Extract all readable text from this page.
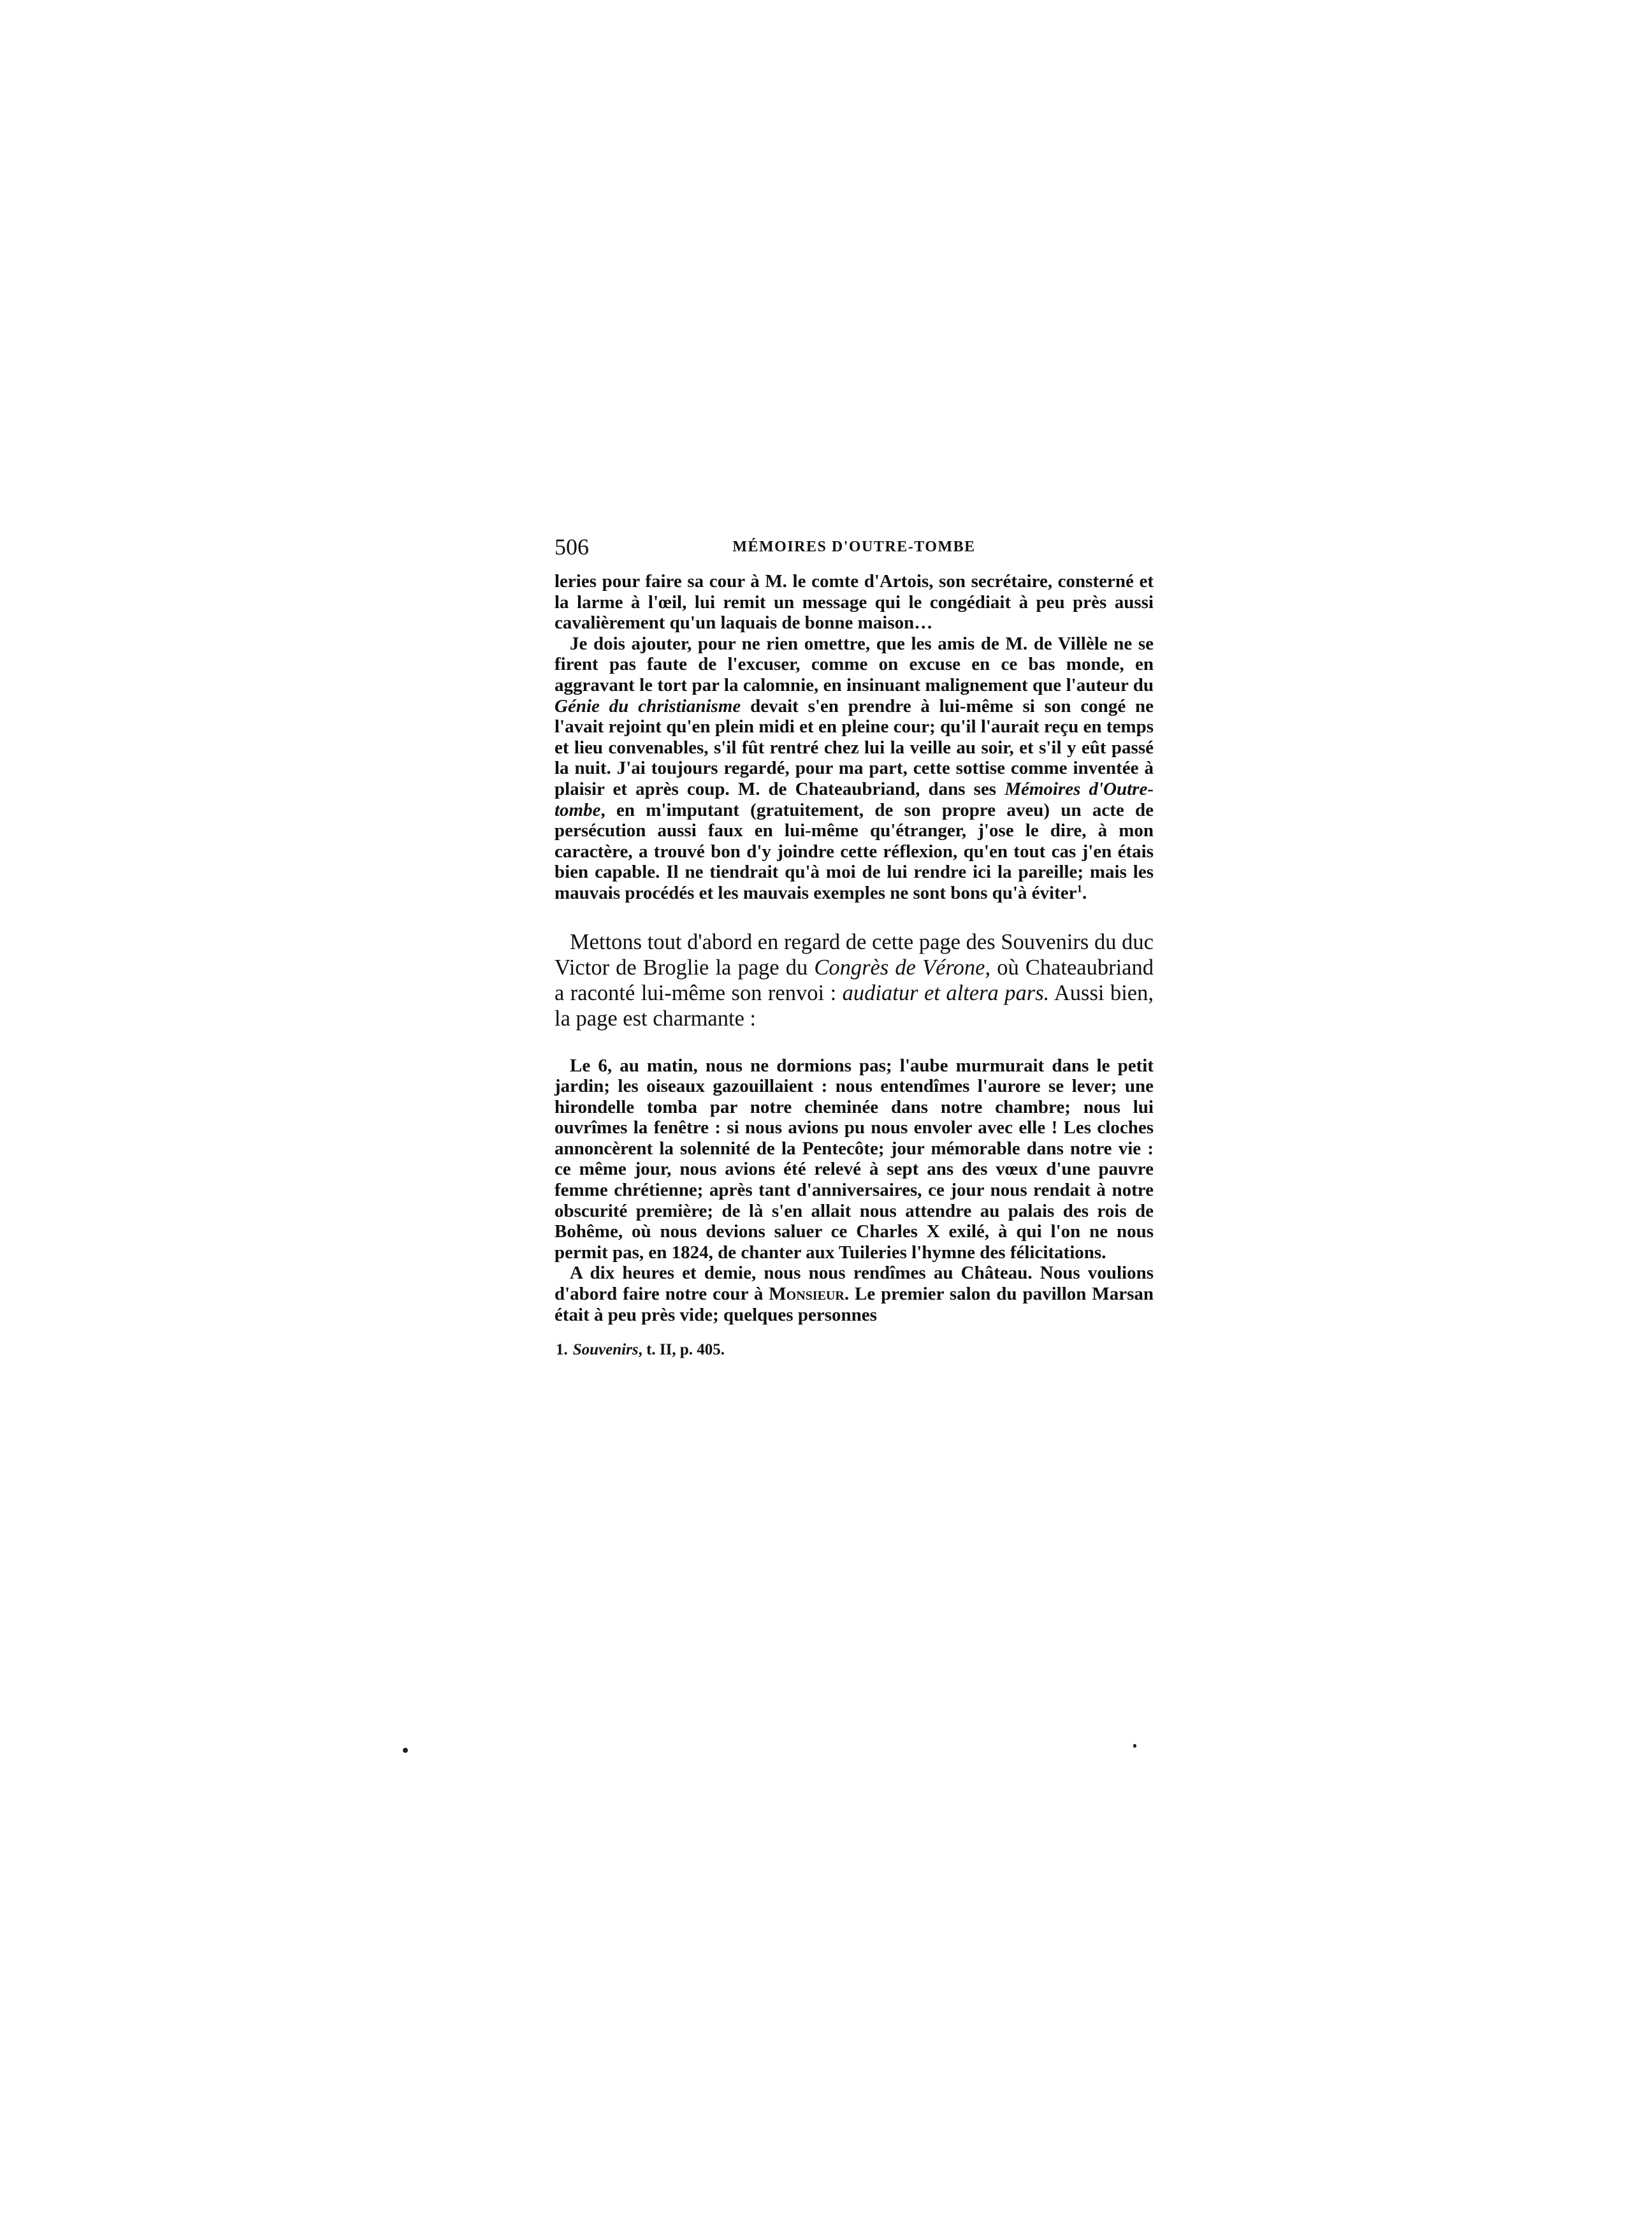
506	MÉMOIRES D'OUTRE-TOMBE

leries pour faire sa cour à M. le comte d'Artois, son secrétaire, consterné et la larme à l'œil, lui remit un message qui le congédiait à peu près aussi cavalièrement qu'un laquais de bonne maison…

Je dois ajouter, pour ne rien omettre, que les amis de M. de Villèle ne se firent pas faute de l'excuser, comme on excuse en ce bas monde, en aggravant le tort par la calomnie, en insinuant malignement que l'auteur du Génie du christianisme devait s'en prendre à lui-même si son congé ne l'avait rejoint qu'en plein midi et en pleine cour; qu'il l'aurait reçu en temps et lieu convenables, s'il fût rentré chez lui la veille au soir, et s'il y eût passé la nuit. J'ai toujours regardé, pour ma part, cette sottise comme inventée à plaisir et après coup. M. de Chateaubriand, dans ses Mémoires d'Outre-tombe, en m'imputant (gratuitement, de son propre aveu) un acte de persécution aussi faux en lui-même qu'étranger, j'ose le dire, à mon caractère, a trouvé bon d'y joindre cette réflexion, qu'en tout cas j'en étais bien capable. Il ne tiendrait qu'à moi de lui rendre ici la pareille; mais les mauvais procédés et les mauvais exemples ne sont bons qu'à éviter$^1$.

Mettons tout d'abord en regard de cette page des Souvenirs du duc Victor de Broglie la page du Congrès de Vérone, où Chateaubriand a raconté lui-même son renvoi : audiatur et altera pars. Aussi bien, la page est charmante :

Le 6, au matin, nous ne dormions pas; l'aube murmurait dans le petit jardin; les oiseaux gazouillaient : nous entendîmes l'aurore se lever; une hirondelle tomba par notre cheminée dans notre chambre; nous lui ouvrîmes la fenêtre : si nous avions pu nous envoler avec elle ! Les cloches annoncèrent la solennité de la Pentecôte; jour mémorable dans notre vie : ce même jour, nous avions été relevé à sept ans des vœux d'une pauvre femme chrétienne; après tant d'anniversaires, ce jour nous rendait à notre obscurité première; de là s'en allait nous attendre au palais des rois de Bohême, où nous devions saluer ce Charles X exilé, à qui l'on ne nous permit pas, en 1824, de chanter aux Tuileries l'hymne des félicitations.

A dix heures et demie, nous nous rendîmes au Château. Nous voulions d'abord faire notre cour à Monsieur. Le premier salon du pavillon Marsan était à peu près vide; quelques personnes

1. Souvenirs, t. II, p. 405.
